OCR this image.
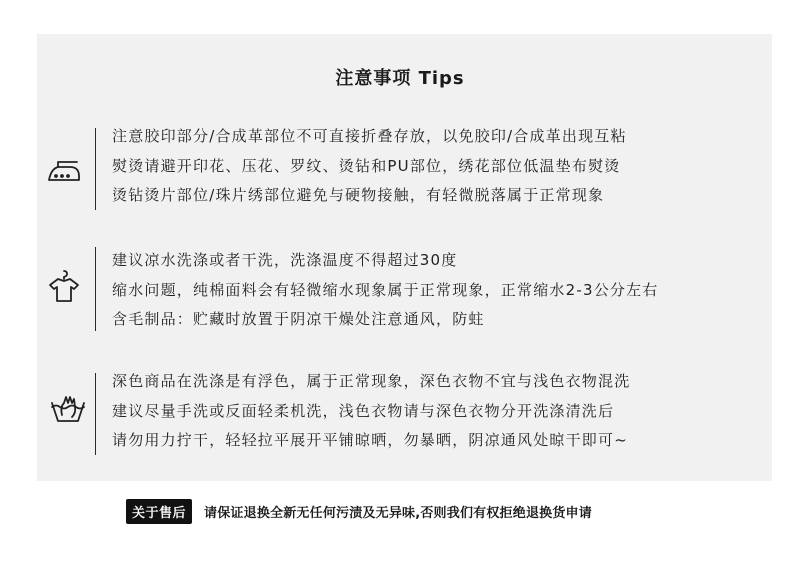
注意事项 Tips
注意胶印部分/合成革部位不可直接折叠存放，以免胶印/合成革出现互粘
熨烫请避开印花、压花、罗纹、烫钻和PU部位，绣花部位低温垫布熨烫
烫钻烫片部位/珠片绣部位避免与硬物接触，有轻微脱落属于正常现象
建议凉水洗涤或者干洗，洗涤温度不得超过30度
缩水问题，纯棉面料会有轻微缩水现象属于正常现象，正常缩水2-3公分左右
含毛制品：贮藏时放置于阴凉干燥处注意通风，防蛀
深色商品在洗涤是有浮色，属于正常现象，深色衣物不宜与浅色衣物混洗
建议尽量手洗或反面轻柔机洗，浅色衣物请与深色衣物分开洗涤清洗后
请勿用力拧干，轻轻拉平展开平铺晾晒，勿暴晒，阴凉通风处晾干即可~
关于售后	请保证退换全新无任何污渍及无异味,否则我们有权拒绝退换货申请
